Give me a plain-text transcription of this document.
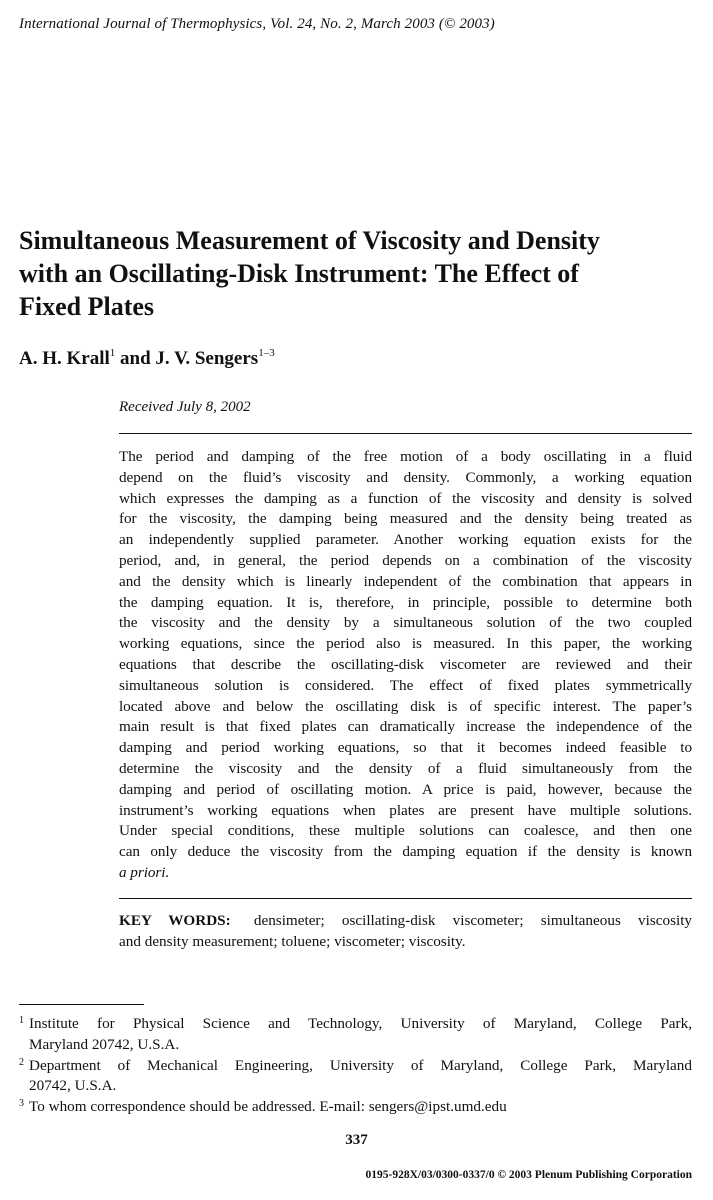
International Journal of Thermophysics, Vol. 24, No. 2, March 2003 (© 2003)
Simultaneous Measurement of Viscosity and Density
with an Oscillating-Disk Instrument: The Effect of
Fixed Plates
A. H. Krall$^1$ and J. V. Sengers$^{1-3}$
Received July 8, 2002
The period and damping of the free motion of a body oscillating in a fluid
depend on the fluid’s viscosity and density. Commonly, a working equation
which expresses the damping as a function of the viscosity and density is solved
for the viscosity, the damping being measured and the density being treated as
an independently supplied parameter. Another working equation exists for the
period, and, in general, the period depends on a combination of the viscosity
and the density which is linearly independent of the combination that appears in
the damping equation. It is, therefore, in principle, possible to determine both
the viscosity and the density by a simultaneous solution of the two coupled
working equations, since the period also is measured. In this paper, the working
equations that describe the oscillating-disk viscometer are reviewed and their
simultaneous solution is considered. The effect of fixed plates symmetrically
located above and below the oscillating disk is of specific interest. The paper’s
main result is that fixed plates can dramatically increase the independence of the
damping and period working equations, so that it becomes indeed feasible to
determine the viscosity and the density of a fluid simultaneously from the
damping and period of oscillating motion. A price is paid, however, because the
instrument’s working equations when plates are present have multiple solutions.
Under special conditions, these multiple solutions can coalesce, and then one
can only deduce the viscosity from the damping equation if the density is known
a priori.
KEY WORDS: densimeter; oscillating-disk viscometer; simultaneous viscosity
and density measurement; toluene; viscometer; viscosity.
1 Institute for Physical Science and Technology, University of Maryland, College Park,
Maryland 20742, U.S.A.
2 Department of Mechanical Engineering, University of Maryland, College Park, Maryland
20742, U.S.A.
3 To whom correspondence should be addressed. E-mail: sengers@ipst.umd.edu
337
0195-928X/03/0300-0337/0 © 2003 Plenum Publishing Corporation
